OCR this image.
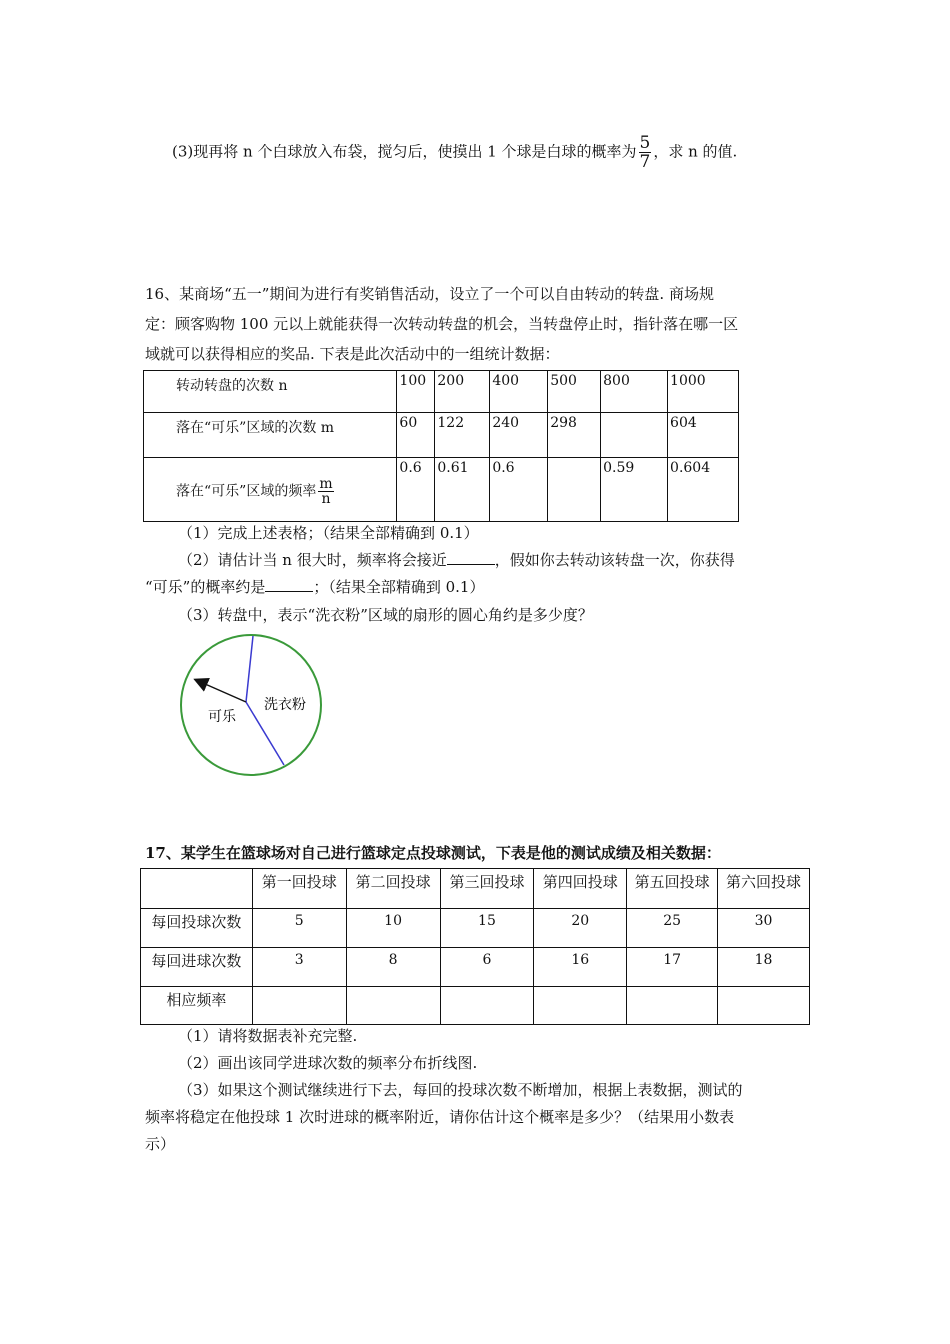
(3)现再将 n 个白球放入布袋，搅匀后，使摸出 1 个球是白球的概率为 $\frac{5}{7}$ ，求 n 的值.
16、某商场“五一”期间为进行有奖销售活动，设立了一个可以自由转动的转盘. 商场规
定：顾客购物 100 元以上就能获得一次转动转盘的机会，当转盘停止时，指针落在哪一区
域就可以获得相应的奖品. 下表是此次活动中的一组统计数据：
转动转盘的次数 n	100	200	400	500	800	1000
落在“可乐”区域的次数 m	60	122	240	298		604
落在“可乐”区域的频率 $\frac{m}{n}$	0.6	0.61	0.6		0.59	0.604
（1）完成上述表格；（结果全部精确到 0.1）
（2）请估计当 n 很大时，频率将会接近	，假如你去转动该转盘一次，你获得
“可乐”的概率约是	；（结果全部精确到 0.1）
（3）转盘中，表示“洗衣粉”区域的扇形的圆心角约是多少度？
可乐
洗衣粉
17、某学生在篮球场对自己进行篮球定点投球测试，下表是他的测试成绩及相关数据：
	第一回投球	第二回投球	第三回投球	第四回投球	第五回投球	第六回投球
每回投球次数	5	10	15	20	25	30
每回进球次数	3	8	6	16	17	18
相应频率						
（1）请将数据表补充完整.
（2）画出该同学进球次数的频率分布折线图.
（3）如果这个测试继续进行下去，每回的投球次数不断增加，根据上表数据，测试的
频率将稳定在他投球 1 次时进球的概率附近，请你估计这个概率是多少？（结果用小数表
示）
